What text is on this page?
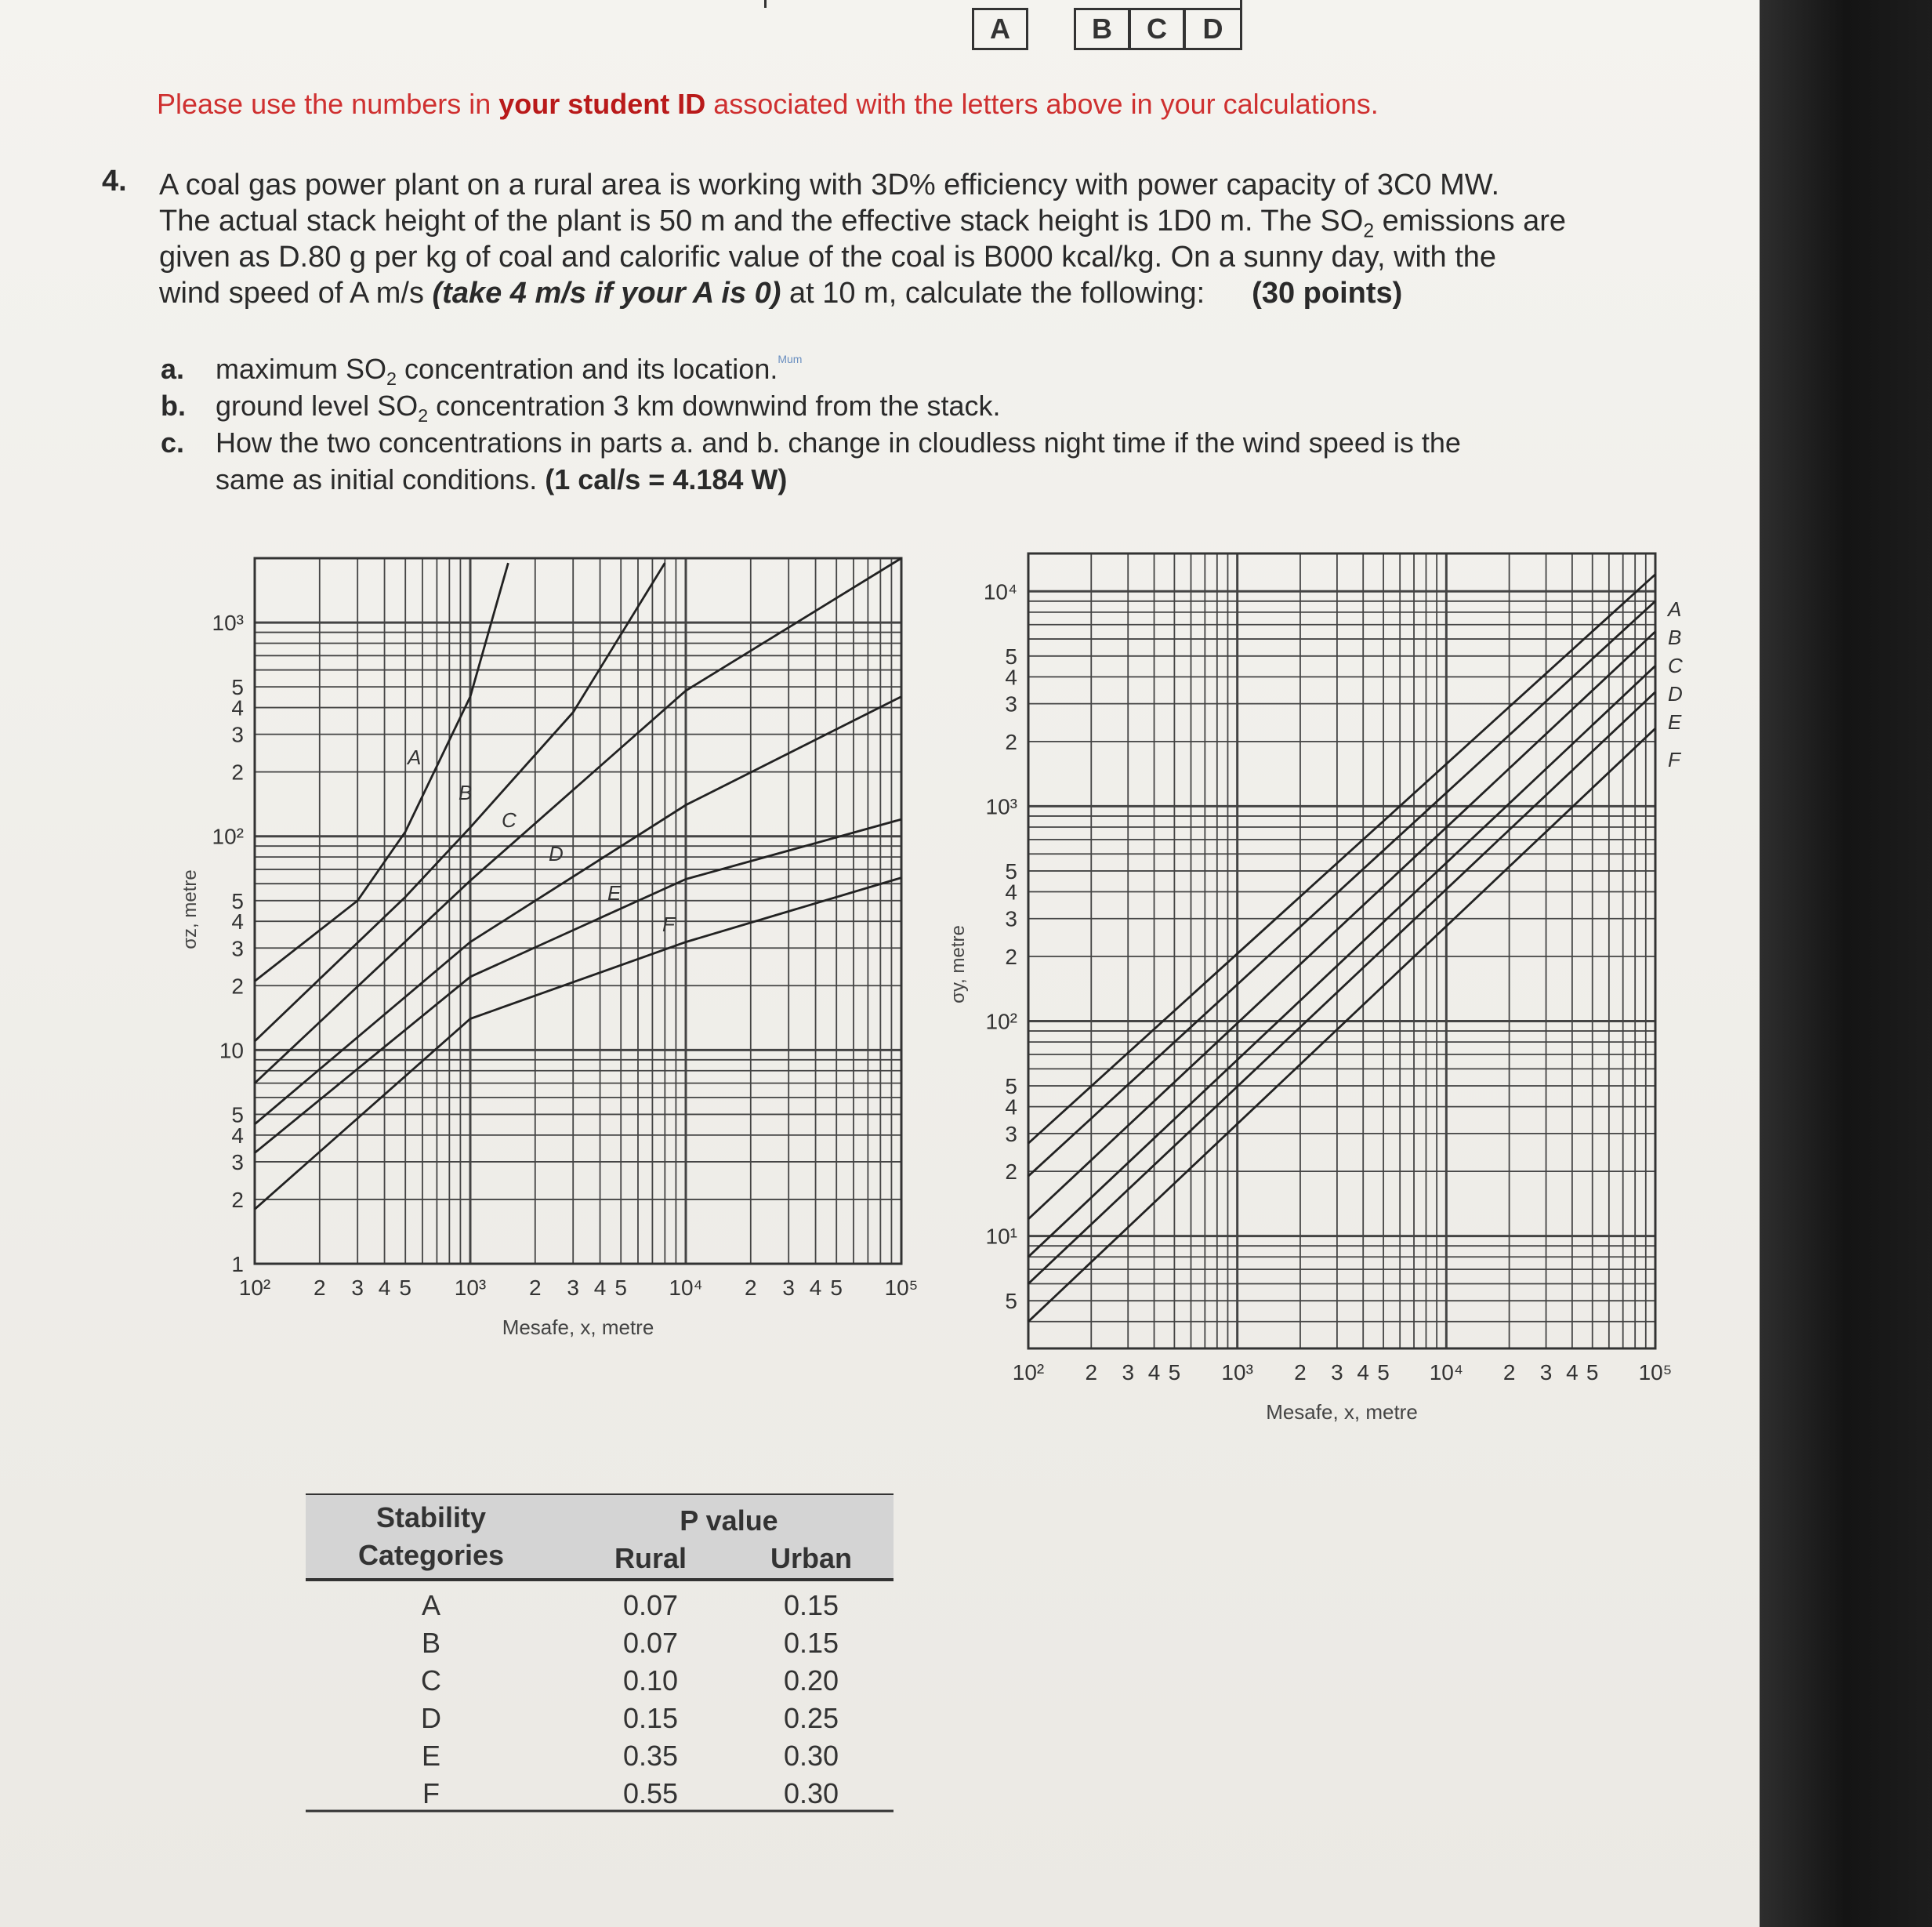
A	B	C	D
Please use the numbers in your student ID associated with the letters above in your calculations.
4. A coal gas power plant on a rural area is working with 3D% efficiency with power capacity of 3C0 MW.
The actual stack height of the plant is 50 m and the effective stack height is 1D0 m. The $SO_2$ emissions are
given as D.80 g per kg of coal and calorific value of the coal is B000 kcal/kg. On a sunny day, with the
wind speed of A m/s (take 4 m/s if your A is 0) at 10 m, calculate the following: (30 points)
a. maximum $SO_2$ concentration and its location.$^{Mum}$
b. ground level $SO_2$ concentration 3 km downwind from the stack.
c. How the two concentrations in parts a. and b. change in cloudless night time if the wind speed is the
same as initial conditions. (1 cal/s = 4.184 W)
A
B
C
D
E
F
10² 2 3 4 5 10³ 2 3 4 5 10⁴ 2 3 4 5 10⁵
1
2
3
4
5
10
2
3
4
5
10²
2
3
4
5
10³
Mesafe, x, metre
σz, metre
A
B
C
D
E
F
10² 2 3 4 5 10³ 2 3 4 5 10⁴ 2 3 4 5 10⁵
5
10¹
2
3
4
5
10²
2
3
4
5
10³
2
3
4
5
10⁴
Mesafe, x, metre
σy, metre
Stability
Categories
P value
Rural	Urban
A	0.07	0.15
B	0.07	0.15
C	0.10	0.20
D	0.15	0.25
E	0.35	0.30
F	0.55	0.30
